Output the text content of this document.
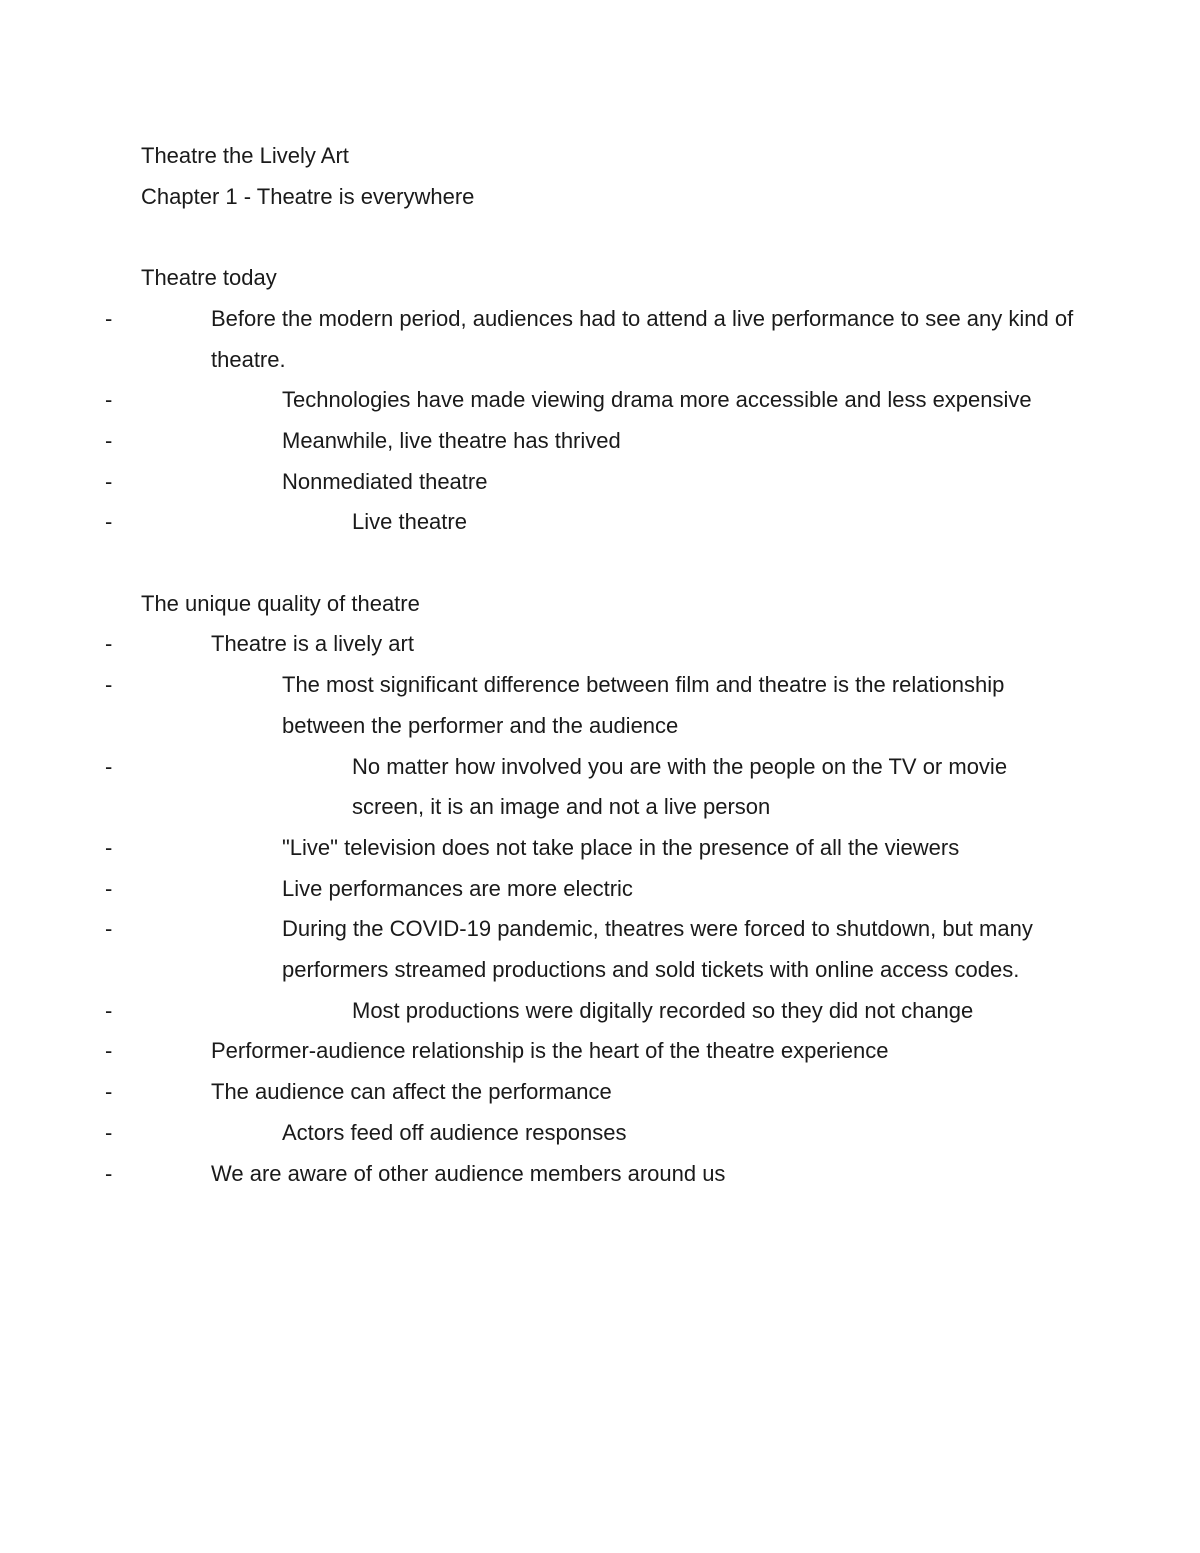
Theatre the Lively Art

Chapter 1 - Theatre is everywhere

Theatre today

-	Before the modern period, audiences had to attend a live performance to see any kind of theatre.

-	Technologies have made viewing drama more accessible and less expensive

-	Meanwhile, live theatre has thrived

-	Nonmediated theatre

-	Live theatre

The unique quality of theatre

-	Theatre is a lively art

-	The most significant difference between film and theatre is the relationship between the performer and the audience

-	No matter how involved you are with the people on the TV or movie screen, it is an image and not a live person

-	"Live" television does not take place in the presence of all the viewers

-	Live performances are more electric

-	During the COVID-19 pandemic, theatres were forced to shutdown, but many performers streamed productions and sold tickets with online access codes.

-	Most productions were digitally recorded so they did not change

-	Performer-audience relationship is the heart of the theatre experience

-	The audience can affect the performance

-	Actors feed off audience responses

-	We are aware of other audience members around us
